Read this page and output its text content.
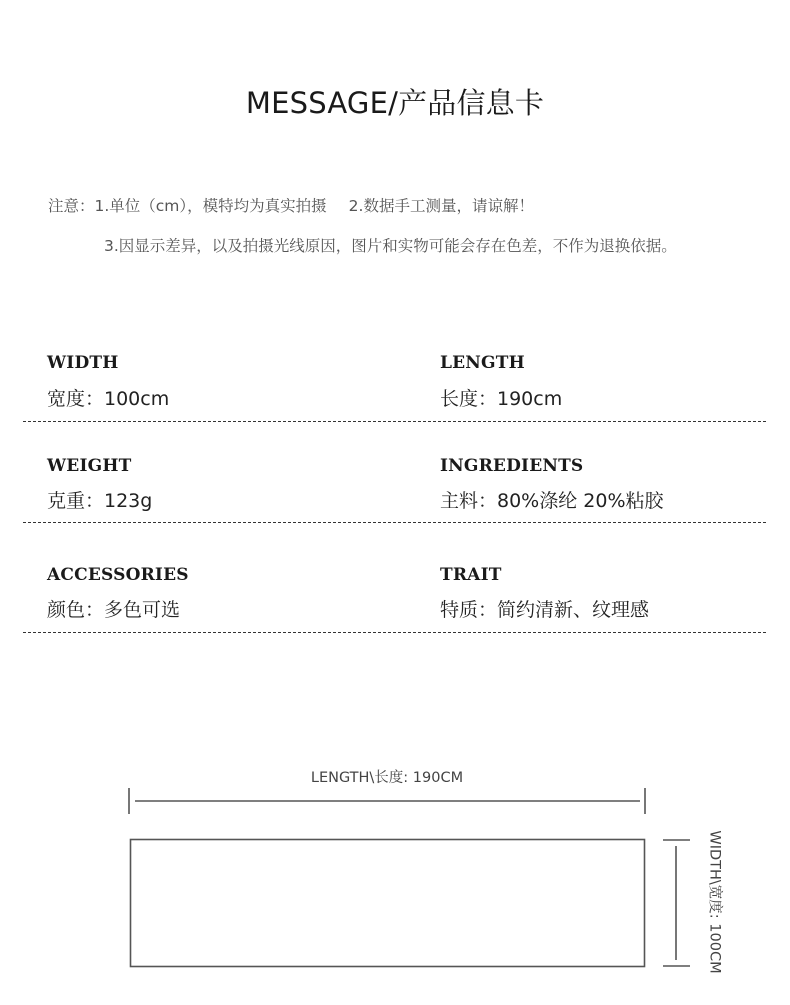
MESSAGE/产品信息卡
注意：1.单位（cm），模特均为真实拍摄 2.数据手工测量，请谅解！
3.因显示差异，以及拍摄光线原因，图片和实物可能会存在色差，不作为退换依据。
WIDTH
宽度：100cm
LENGTH
长度：190cm
WEIGHT
克重：123g
INGREDIENTS
主料：80%涤纶 20%粘胶
ACCESSORIES
颜色：多色可选
TRAIT
特质：简约清新、纹理感
LENGTH\长度: 190CM
WIDTH\宽度: 100CM
